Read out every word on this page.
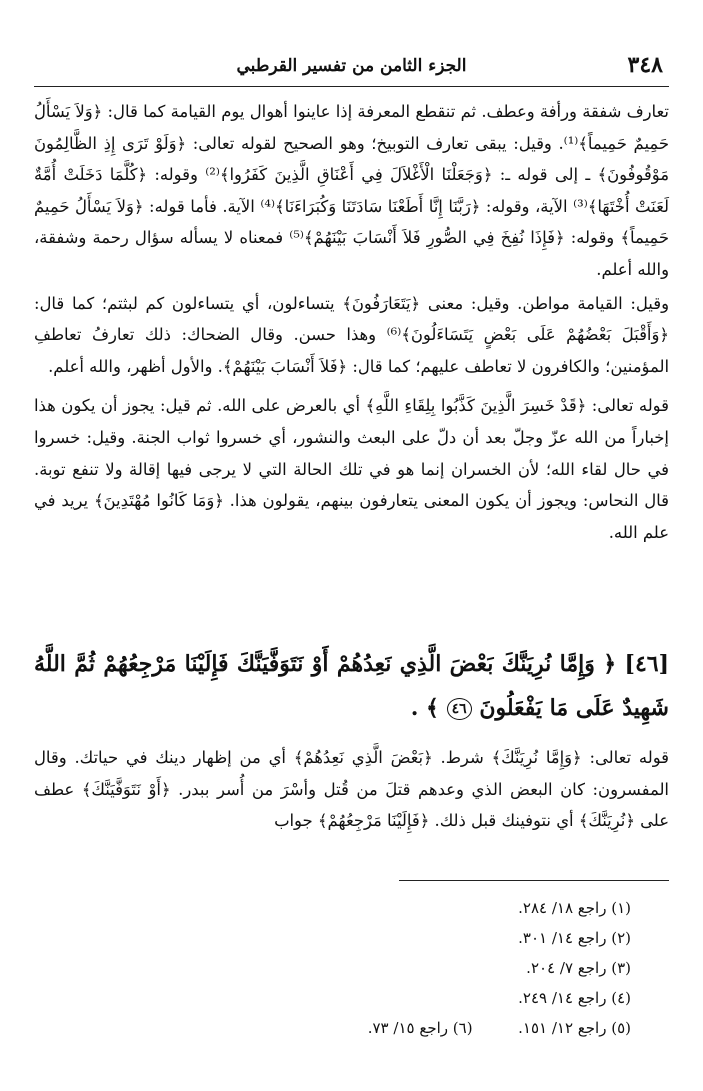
٣٤٨
الجزء الثامن من تفسير القرطبي

تعارف شفقة ورأفة وعطف. ثم تنقطع المعرفة إذا عاينوا أهوال يوم القيامة كما قال: ﴿وَلاَ يَسْأَلُ حَمِيمٌ حَمِيماً﴾⁽¹⁾. وقيل: يبقى تعارف التوبيخ؛ وهو الصحيح لقوله تعالى: ﴿وَلَوْ تَرَى إِذِ الظَّالِمُونَ مَوْقُوفُونَ﴾ ـ إلى قوله ـ: ﴿وَجَعَلْنَا الْأَغْلاَلَ فِي أَعْنَاقِ الَّذِينَ كَفَرُوا﴾⁽²⁾ وقوله: ﴿كُلَّمَا دَخَلَتْ أُمَّةٌ لَعَنَتْ أُخْتَهَا﴾⁽³⁾ الآية، وقوله: ﴿رَبَّنَا إِنَّا أَطَعْنَا سَادَتَنَا وَكُبَرَاءَنَا﴾⁽⁴⁾ الآية. فأما قوله: ﴿وَلاَ يَسْأَلُ حَمِيمٌ حَمِيماً﴾ وقوله: ﴿فَإِذَا نُفِخَ فِي الصُّورِ فَلاَ أَنْسَابَ بَيْنَهُمْ﴾⁽⁵⁾ فمعناه لا يسأله سؤال رحمة وشفقة، والله أعلم.

وقيل: القيامة مواطن. وقيل: معنى ﴿يَتَعَارَفُونَ﴾ يتساءلون، أي يتساءلون كم لبثتم؛ كما قال: ﴿وَأَقْبَلَ بَعْضُهُمْ عَلَى بَعْضٍ يَتَسَاءَلُونَ﴾⁽⁶⁾ وهذا حسن. وقال الضحاك: ذلك تعارفُ تعاطفِ المؤمنين؛ والكافرون لا تعاطف عليهم؛ كما قال: ﴿فَلاَ أَنْسَابَ بَيْنَهُمْ﴾. والأول أظهر، والله أعلم.

قوله تعالى: ﴿قَدْ خَسِرَ الَّذِينَ كَذَّبُوا بِلِقَاءِ اللَّهِ﴾ أي بالعرض على الله. ثم قيل: يجوز أن يكون هذا إخباراً من الله عزّ وجلّ بعد أن دلّ على البعث والنشور، أي خسروا ثواب الجنة. وقيل: خسروا في حال لقاء الله؛ لأن الخسران إنما هو في تلك الحالة التي لا يرجى فيها إقالة ولا تنفع توبة. قال النحاس: ويجوز أن يكون المعنى يتعارفون بينهم، يقولون هذا. ﴿وَمَا كَانُوا مُهْتَدِينَ﴾ يريد في علم الله.

[٤٦] ﴿ وَإِمَّا نُرِيَنَّكَ بَعْضَ الَّذِي نَعِدُهُمْ أَوْ نَتَوَفَّيَنَّكَ فَإِلَيْنَا مَرْجِعُهُمْ ثُمَّ اللَّهُ شَهِيدٌ عَلَى مَا يَفْعَلُونَ ٤٦ ﴾ .

قوله تعالى: ﴿وَإِمَّا نُرِيَنَّكَ﴾ شرط. ﴿بَعْضَ الَّذِي نَعِدُهُمْ﴾ أي من إظهار دينك في حياتك. وقال المفسرون: كان البعض الذي وعدهم قتلَ من قُتل وأسْرَ من أُسر ببدر. ﴿أَوْ نَتَوَفَّيَنَّكَ﴾ عطف على ﴿نُرِيَنَّكَ﴾ أي نتوفينك قبل ذلك. ﴿فَإِلَيْنَا مَرْجِعُهُمْ﴾ جواب

(١) راجع ١٨/ ٢٨٤.
(٢) راجع ١٤/ ٣٠١.
(٣) راجع ٧/ ٢٠٤.
(٤) راجع ١٤/ ٢٤٩.
(٥) راجع ١٢/ ١٥١.  (٦) راجع ١٥/ ٧٣.
